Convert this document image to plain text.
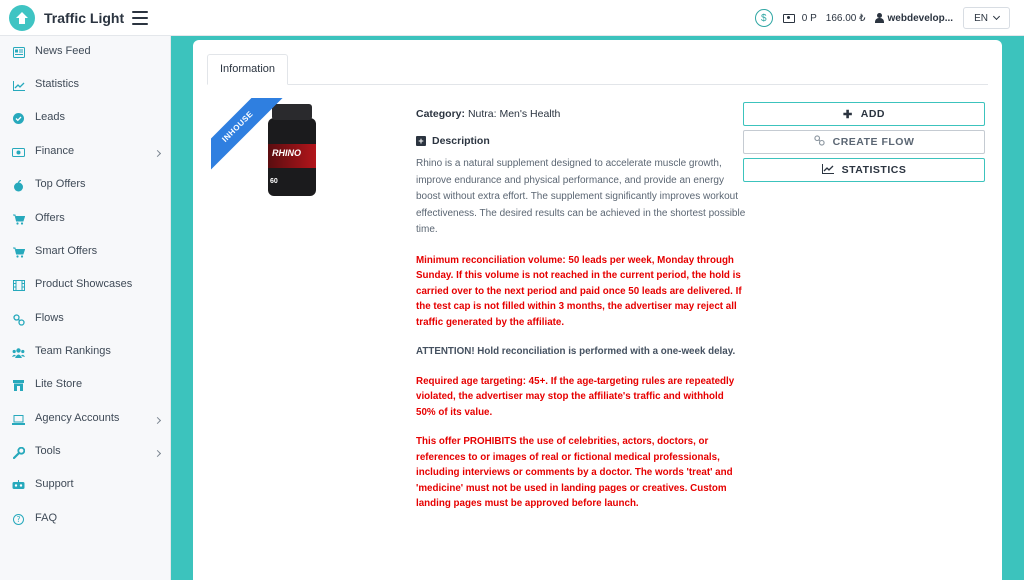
Traffic Light	$	0 P 166.00 ₺ webdevelop... EN
News Feed
Statistics
Leads
Finance
Top Offers
Offers
Smart Offers
Product Showcases
Flows
Team Rankings
Lite Store
Agency Accounts
Tools
Support
? FAQ
Information
INHOUSE
RHINO
60
Category: Nutra: Men's Health
+ Description
Rhino is a natural supplement designed to accelerate muscle growth, improve endurance and physical performance, and provide an energy boost without extra effort. The supplement significantly improves workout effectiveness. The desired results can be achieved in the shortest possible time.
Minimum reconciliation volume: 50 leads per week, Monday through Sunday. If this volume is not reached in the current period, the hold is carried over to the next period and paid once 50 leads are delivered. If the test cap is not filled within 3 months, the advertiser may reject all traffic generated by the affiliate.
ATTENTION! Hold reconciliation is performed with a one-week delay.
Required age targeting: 45+. If the age-targeting rules are repeatedly violated, the advertiser may stop the affiliate's traffic and withhold 50% of its value.
This offer PROHIBITS the use of celebrities, actors, doctors, or references to or images of real or fictional medical professionals, including interviews or comments by a doctor. The words 'treat' and 'medicine' must not be used in landing pages or creatives. Custom landing pages must be approved before launch.
✚ ADD
CREATE FLOW
STATISTICS
